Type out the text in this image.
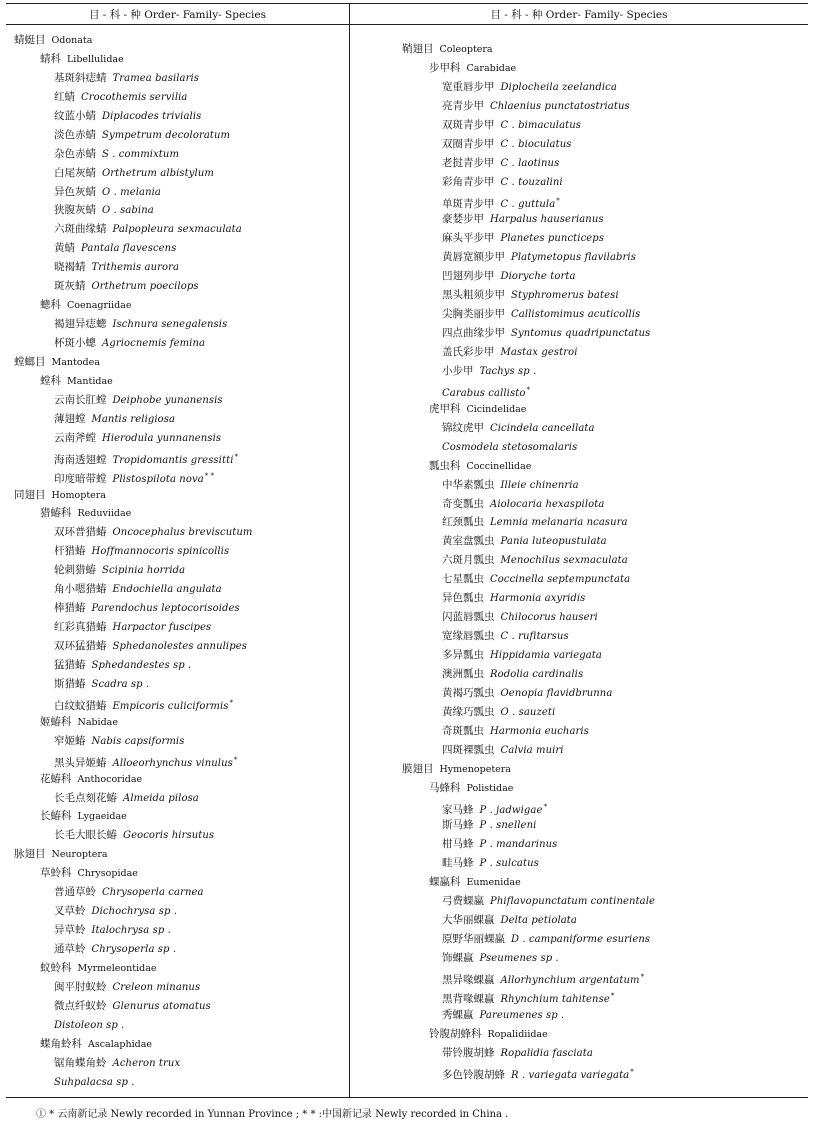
目 - 科 - 种 Order- Family- Species	目 - 科 - 种 Order- Family- Species
蜻蜓目 Odonata
蜻科 Libellulidae
基斑斜痣蜻 Tramea basilaris
红蜻 Crocothemis servilia
纹蓝小蜻 Diplacodes trivialis
淡色赤蜻 Sympetrum decoloratum
杂色赤蜻 S . commixtum
白尾灰蜻 Orthetrum albistylum
异色灰蜻 O . melania
狭腹灰蜻 O . sabina
六斑曲缘蜻 Palpopleura sexmaculata
黄蜻 Pantala flavescens
晓褐蜻 Trithemis aurora
斑灰蜻 Orthetrum poecilops
蟌科 Coenagriidae
褐翅异痣蟌 Ischnura senegalensis
杯斑小蟌 Agriocnemis femina
螳螂目 Mantodea
螳科 Mantidae
云南长肛螳 Deiphobe yunanensis
薄翅螳 Mantis religiosa
云南斧螳 Hierodula yunnanensis
海南透翅螳 Tropidomantis gressitti*
印度暗带螳 Plistospilota nova* *
同翅目 Homoptera
猎蝽科 Reduviidae
双环普猎蝽 Oncocephalus breviscutum
杆猎蝽 Hoffmannocoris spinicollis
轮刺猎蝽 Scipinia horrida
角小嗯猎蝽 Endochiella angulata
棒猎蝽 Parendochus leptocorisoides
红彩真猎蝽 Harpactor fuscipes
双环猛猎蝽 Sphedanolestes annulipes
猛猎蝽 Sphedandestes sp .
斯猎蝽 Scadra sp .
白纹蚊猎蝽 Empicoris culiciformis*
姬蝽科 Nabidae
窄姬蝽 Nabis capsiformis
黑头异姬蝽 Alloeorhynchus vinulus*
花蝽科 Anthocoridae
长毛点刻花蝽 Almeida pilosa
长蝽科 Lygaeidae
长毛大眼长蝽 Geocoris hirsutus
脉翅目 Neuroptera
草蛉科 Chrysopidae
普通草蛉 Chrysoperla carnea
叉草蛉 Dichochrysa sp .
异草蛉 Italochrysa sp .
通草蛉 Chrysoperla sp .
蚁蛉科 Myrmeleontidae
闽平肘蚁蛉 Creleon minanus
微点纤蚁蛉 Glenurus atomatus
Distoleon sp .
蝶角蛉科 Ascalaphidae
锯角蝶角蛉 Acheron trux
Suhpalacsa sp .
鞘翅目 Coleoptera
步甲科 Carabidae
宽重唇步甲 Diplocheila zeelandica
亮青步甲 Chlaenius punctatostriatus
双斑青步甲 C . bimaculatus
双圈青步甲 C . bioculatus
老挝青步甲 C . laotinus
彩角青步甲 C . touzalini
单斑青步甲 C . guttula*
豪婪步甲 Harpalus hauserianus
麻头平步甲 Planetes puncticeps
黄唇宽额步甲 Platymetopus flavilabris
凹翅列步甲 Dioryche torta
黑头粗须步甲 Styphromerus batesi
尖胸类丽步甲 Callistomimus acuticollis
四点曲缘步甲 Syntomus quadripunctatus
盖氏彩步甲 Mastax gestroi
小步甲 Tachys sp .
Carabus callisto*
虎甲科 Cicindelidae
锦纹虎甲 Cicindela cancellata
Cosmodela stetosomalaris
瓢虫科 Coccinellidae
中华素瓢虫 Illeie chinenria
奇变瓢虫 Aiolocaria hexaspilota
红颈瓢虫 Lemnia melanaria ncasura
黄室盘瓢虫 Pania luteopustulata
六斑月瓢虫 Menochilus sexmaculata
七星瓢虫 Coccinella septempunctata
异色瓢虫 Harmonia axyridis
闪蓝唇瓢虫 Chilocorus hauseri
宽缘唇瓢虫 C . rufitarsus
多异瓢虫 Hippidamia variegata
澳洲瓢虫 Rodolia cardinalis
黄褐巧瓢虫 Oenopia flavidbrunna
黄缘巧瓢虫 O . sauzeti
奇斑瓢虫 Harmonia eucharis
四斑裸瓢虫 Calvia muiri
膜翅目 Hymenopetera
马蜂科 Polistidae
家马蜂 P . jadwigae*
斯马蜂 P . snelleni
柑马蜂 P . mandarinus
畦马蜂 P . sulcatus
蜾蠃科 Eumenidae
弓费蜾蠃 Phiflavopunctatum continentale
大华丽蜾蠃 Delta petiolata
原野华丽蜾蠃 D . campaniforme esuriens
饰蜾蠃 Pseumenes sp .
黑异喙蜾蠃 Allorhynchium argentatum*
黑背喙蜾蠃 Rhynchium tahitense*
秀蜾蠃 Pareumenes sp .
铃腹胡蜂科 Ropalidiidae
带铃腹胡蜂 Ropalidia fasciata
多色铃腹胡蜂 R . variegata variegata*
① * 云南新记录 Newly recorded in Yunnan Province ; * * :中国新记录 Newly recorded in China .
